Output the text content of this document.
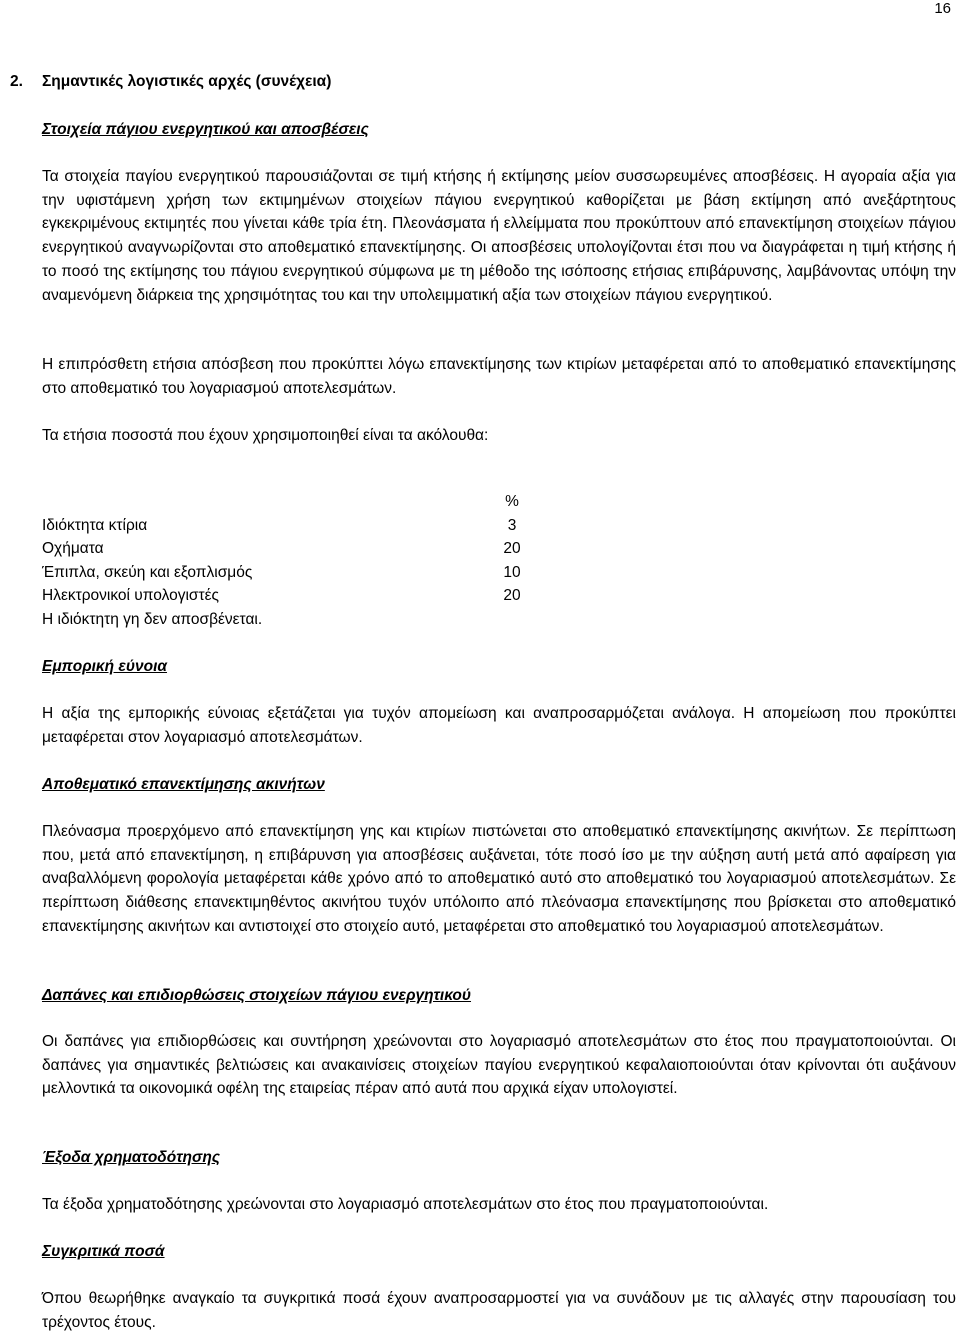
16
2. Σημαντικές λογιστικές αρχές (συνέχεια)
Στοιχεία πάγιου ενεργητικού και αποσβέσεις

Τα στοιχεία παγίου ενεργητικού παρουσιάζονται σε τιμή κτήσης ή εκτίμησης μείον συσσωρευμένες αποσβέσεις. Η αγοραία αξία για την υφιστάμενη χρήση των εκτιμημένων στοιχείων πάγιου ενεργητικού καθορίζεται με βάση εκτίμηση από ανεξάρτητους εγκεκριμένους εκτιμητές που γίνεται κάθε τρία έτη. Πλεονάσματα ή ελλείμματα που προκύπτουν από επανεκτίμηση στοιχείων πάγιου ενεργητικού αναγνωρίζονται στο αποθεματικό επανεκτίμησης. Οι αποσβέσεις υπολογίζονται έτσι που να διαγράφεται η τιμή κτήσης ή το ποσό της εκτίμησης του πάγιου ενεργητικού σύμφωνα με τη μέθοδο της ισόποσης ετήσιας επιβάρυνσης, λαμβάνοντας υπόψη την αναμενόμενη διάρκεια της χρησιμότητας του και την υπολειμματική αξία των στοιχείων πάγιου ενεργητικού.

Η επιπρόσθετη ετήσια απόσβεση που προκύπτει λόγω επανεκτίμησης των κτιρίων μεταφέρεται από το αποθεματικό επανεκτίμησης στο αποθεματικό του λογαριασμού αποτελεσμάτων.

Τα ετήσια ποσοστά που έχουν χρησιμοποιηθεί είναι τα ακόλουθα:

	%
Ιδιόκτητα κτίρια	3
Οχήματα	20
Έπιπλα, σκεύη και εξοπλισμός	10
Ηλεκτρονικοί υπολογιστές	20

Η ιδιόκτητη γη δεν αποσβένεται.

Εμπορική εύνοια

Η αξία της εμπορικής εύνοιας εξετάζεται για τυχόν απομείωση και αναπροσαρμόζεται ανάλογα. Η απομείωση που προκύπτει μεταφέρεται στον λογαριασμό αποτελεσμάτων.

Αποθεματικό επανεκτίμησης ακινήτων

Πλεόνασμα προερχόμενο από επανεκτίμηση γης και κτιρίων πιστώνεται στο αποθεματικό επανεκτίμησης ακινήτων. Σε περίπτωση που, μετά από επανεκτίμηση, η επιβάρυνση για αποσβέσεις αυξάνεται, τότε ποσό ίσο με την αύξηση αυτή μετά από αφαίρεση για αναβαλλόμενη φορολογία μεταφέρεται κάθε χρόνο από το αποθεματικό αυτό στο αποθεματικό του λογαριασμού αποτελεσμάτων. Σε περίπτωση διάθεσης επανεκτιμηθέντος ακινήτου τυχόν υπόλοιπο από πλεόνασμα επανεκτίμησης που βρίσκεται στο αποθεματικό επανεκτίμησης ακινήτων και αντιστοιχεί στο στοιχείο αυτό, μεταφέρεται στο αποθεματικό του λογαριασμού αποτελεσμάτων.

Δαπάνες και επιδιορθώσεις στοιχείων πάγιου ενεργητικού

Οι δαπάνες για επιδιορθώσεις και συντήρηση χρεώνονται στο λογαριασμό αποτελεσμάτων στο έτος που πραγματοποιούνται. Οι δαπάνες για σημαντικές βελτιώσεις και ανακαινίσεις στοιχείων παγίου ενεργητικού κεφαλαιοποιούνται όταν κρίνονται ότι αυξάνουν μελλοντικά τα οικονομικά οφέλη της εταιρείας πέραν από αυτά που αρχικά είχαν υπολογιστεί.

Έξοδα χρηματοδότησης

Τα έξοδα χρηματοδότησης χρεώνονται στο λογαριασμό αποτελεσμάτων στο έτος που πραγματοποιούνται.

Συγκριτικά ποσά

Όπου θεωρήθηκε αναγκαίο τα συγκριτικά ποσά έχουν αναπροσαρμοστεί για να συνάδουν με τις αλλαγές στην παρουσίαση του τρέχοντος έτους.
